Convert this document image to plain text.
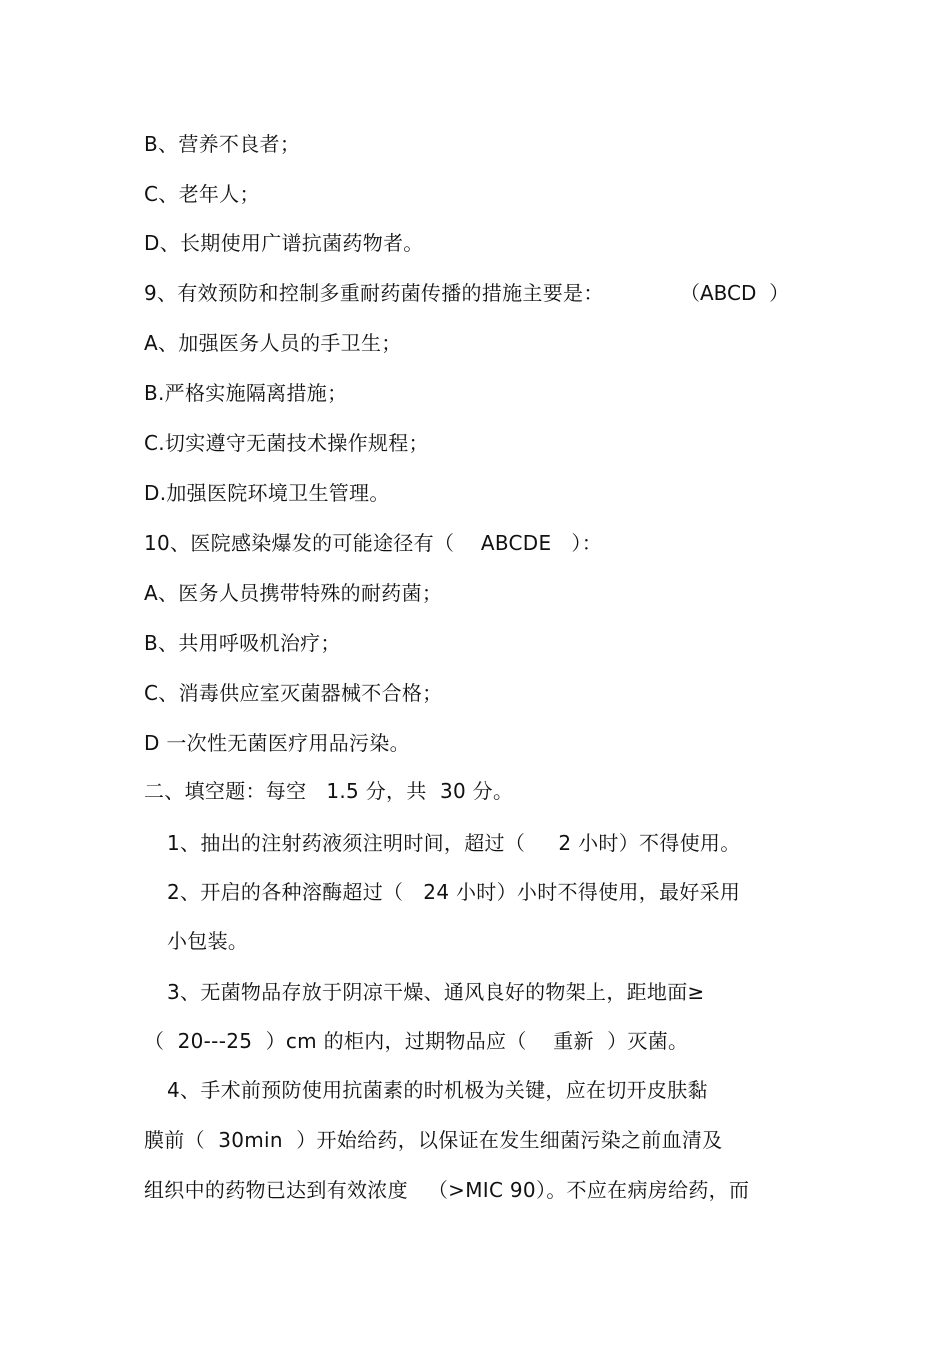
B、营养不良者；
C、老年人；
D、长期使用广谱抗菌药物者。
9、有效预防和控制多重耐药菌传播的措施主要是：	（ABCD  ）
A、加强医务人员的手卫生；
B.严格实施隔离措施；
C.切实遵守无菌技术操作规程；
D.加强医院环境卫生管理。
10、医院感染爆发的可能途径有（    ABCDE   ）：
A、医务人员携带特殊的耐药菌；
B、共用呼吸机治疗；
C、消毒供应室灭菌器械不合格；
D 一次性无菌医疗用品污染。
二、填空题：每空   1.5 分，共  30 分。
1、抽出的注射药液须注明时间，超过（     2 小时）不得使用。
2、开启的各种溶酶超过（   24 小时）小时不得使用，最好采用
小包装。
3、无菌物品存放于阴凉干燥、通风良好的物架上，距地面≥
（  20---25  ）cm 的柜内，过期物品应（    重新  ）灭菌。
4、手术前预防使用抗菌素的时机极为关键，应在切开皮肤黏
膜前（  30min  ）开始给药，以保证在发生细菌污染之前血清及
组织中的药物已达到有效浓度   （>MIC 90）。不应在病房给药，而
